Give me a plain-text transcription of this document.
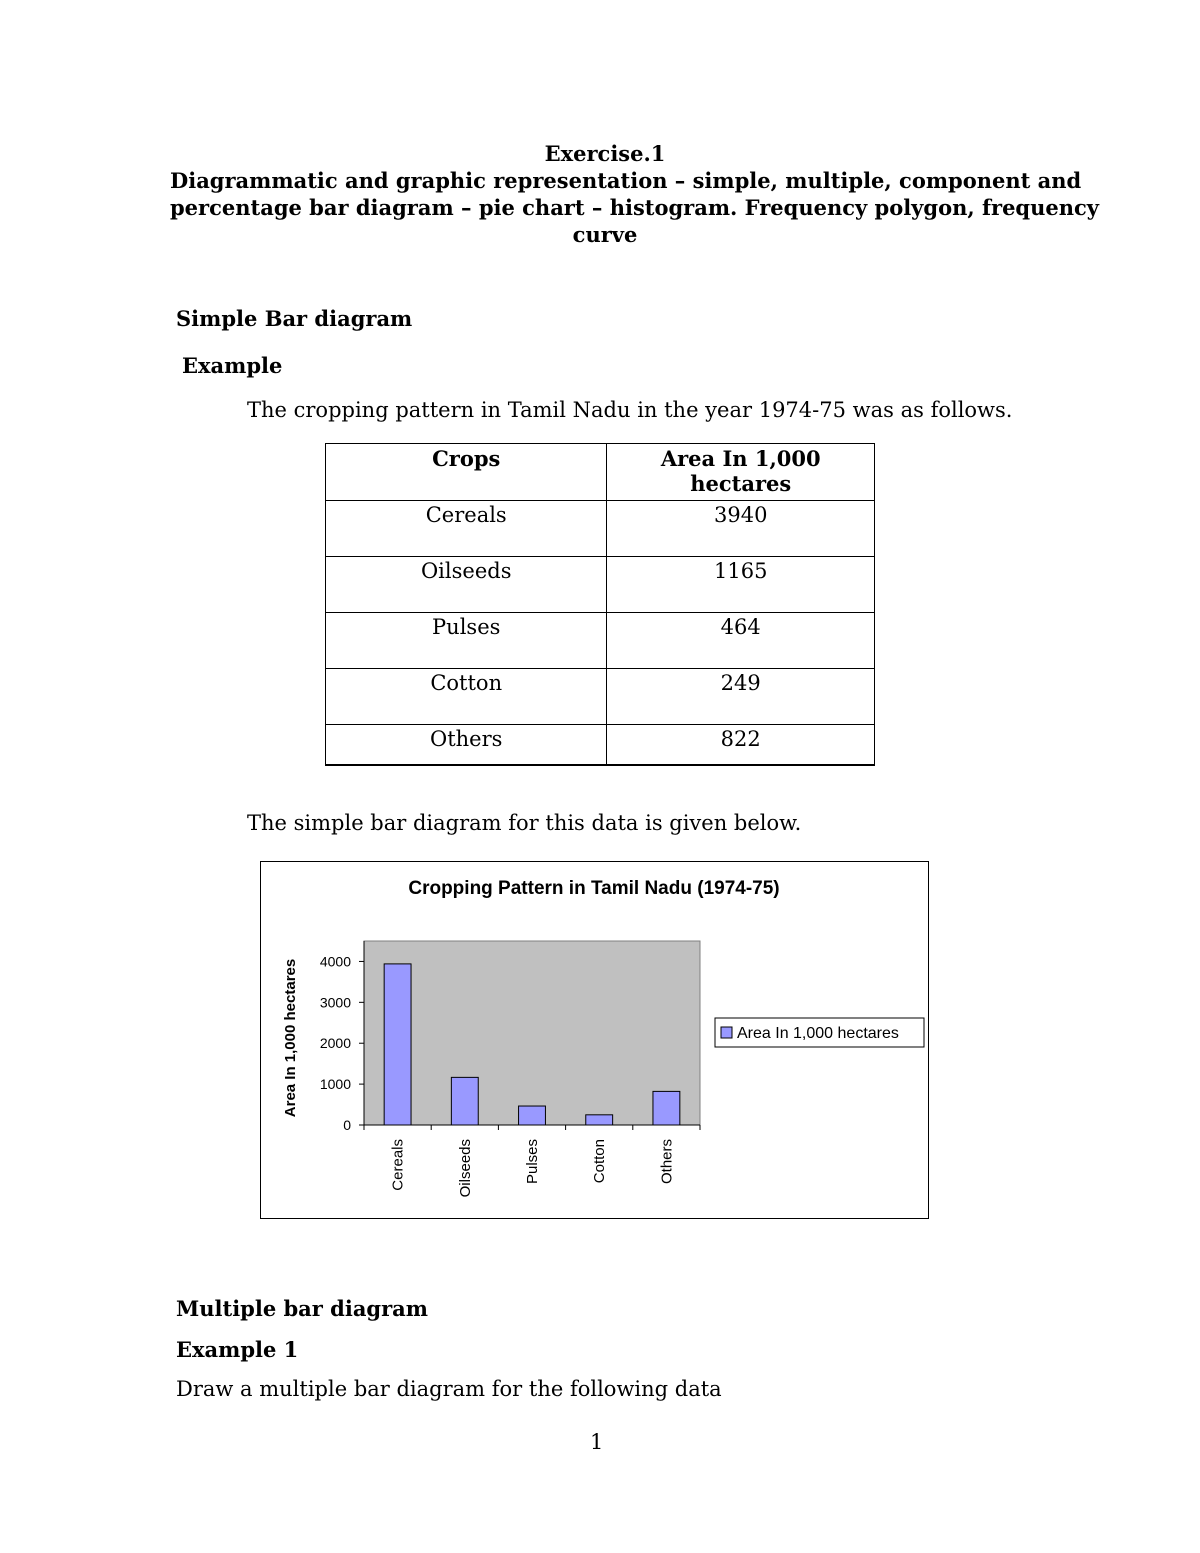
Exercise.1
Diagrammatic and graphic representation – simple, multiple, component and
percentage bar diagram – pie chart – histogram. Frequency polygon, frequency
curve
Simple Bar diagram
Example
The cropping pattern in Tamil Nadu in the year 1974-75 was as follows.
Crops	Area In 1,000 hectares
Cereals	3940
Oilseeds	1165
Pulses	464
Cotton	249
Others	822
The simple bar diagram for this data is given below.
Cropping Pattern in Tamil Nadu (1974-75)
0
1000
2000
3000
4000
Cereals	Oilseeds	Pulses	Cotton	Others
Area In 1,000 hectares	Area In 1,000 hectares
Multiple bar diagram
Example 1
Draw a multiple bar diagram for the following data
1
